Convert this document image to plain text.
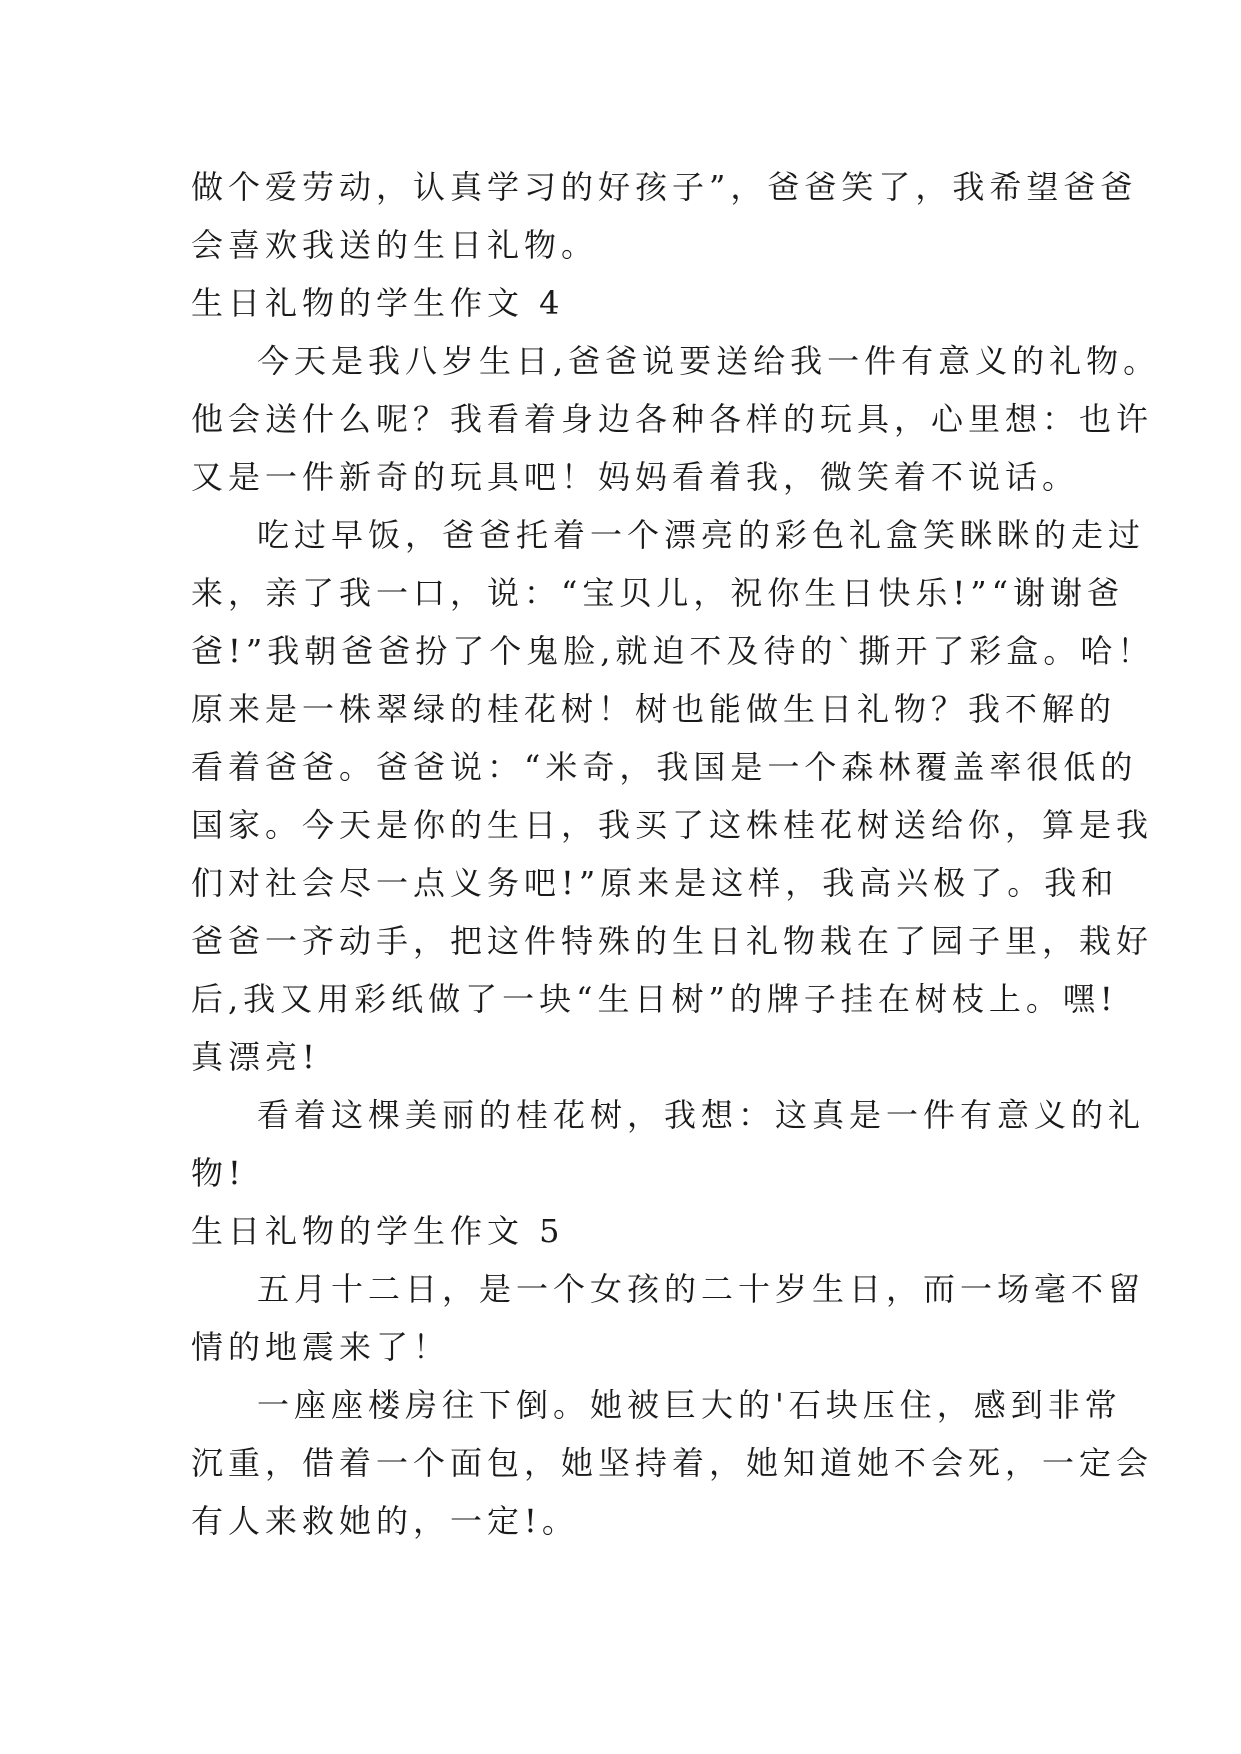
做个爱劳动，认真学习的好孩子”，爸爸笑了，我希望爸爸
会喜欢我送的生日礼物。
生日礼物的学生作文 4
今天是我八岁生日,爸爸说要送给我一件有意义的礼物。
他会送什么呢？我看着身边各种各样的玩具，心里想：也许
又是一件新奇的玩具吧！妈妈看着我，微笑着不说话。
吃过早饭，爸爸托着一个漂亮的彩色礼盒笑眯眯的走过
来，亲了我一口，说：“宝贝儿，祝你生日快乐!”“谢谢爸
爸!”我朝爸爸扮了个鬼脸,就迫不及待的`撕开了彩盒。哈！
原来是一株翠绿的桂花树！树也能做生日礼物？我不解的
看着爸爸。爸爸说：“米奇，我国是一个森林覆盖率很低的
国家。今天是你的生日，我买了这株桂花树送给你，算是我
们对社会尽一点义务吧!”原来是这样，我高兴极了。我和
爸爸一齐动手，把这件特殊的生日礼物栽在了园子里，栽好
后,我又用彩纸做了一块“生日树”的牌子挂在树枝上。嘿!
真漂亮!
看着这棵美丽的桂花树，我想：这真是一件有意义的礼
物!
生日礼物的学生作文 5
五月十二日，是一个女孩的二十岁生日，而一场毫不留
情的地震来了！
一座座楼房往下倒。她被巨大的'石块压住，感到非常
沉重，借着一个面包，她坚持着，她知道她不会死，一定会
有人来救她的，一定!。
